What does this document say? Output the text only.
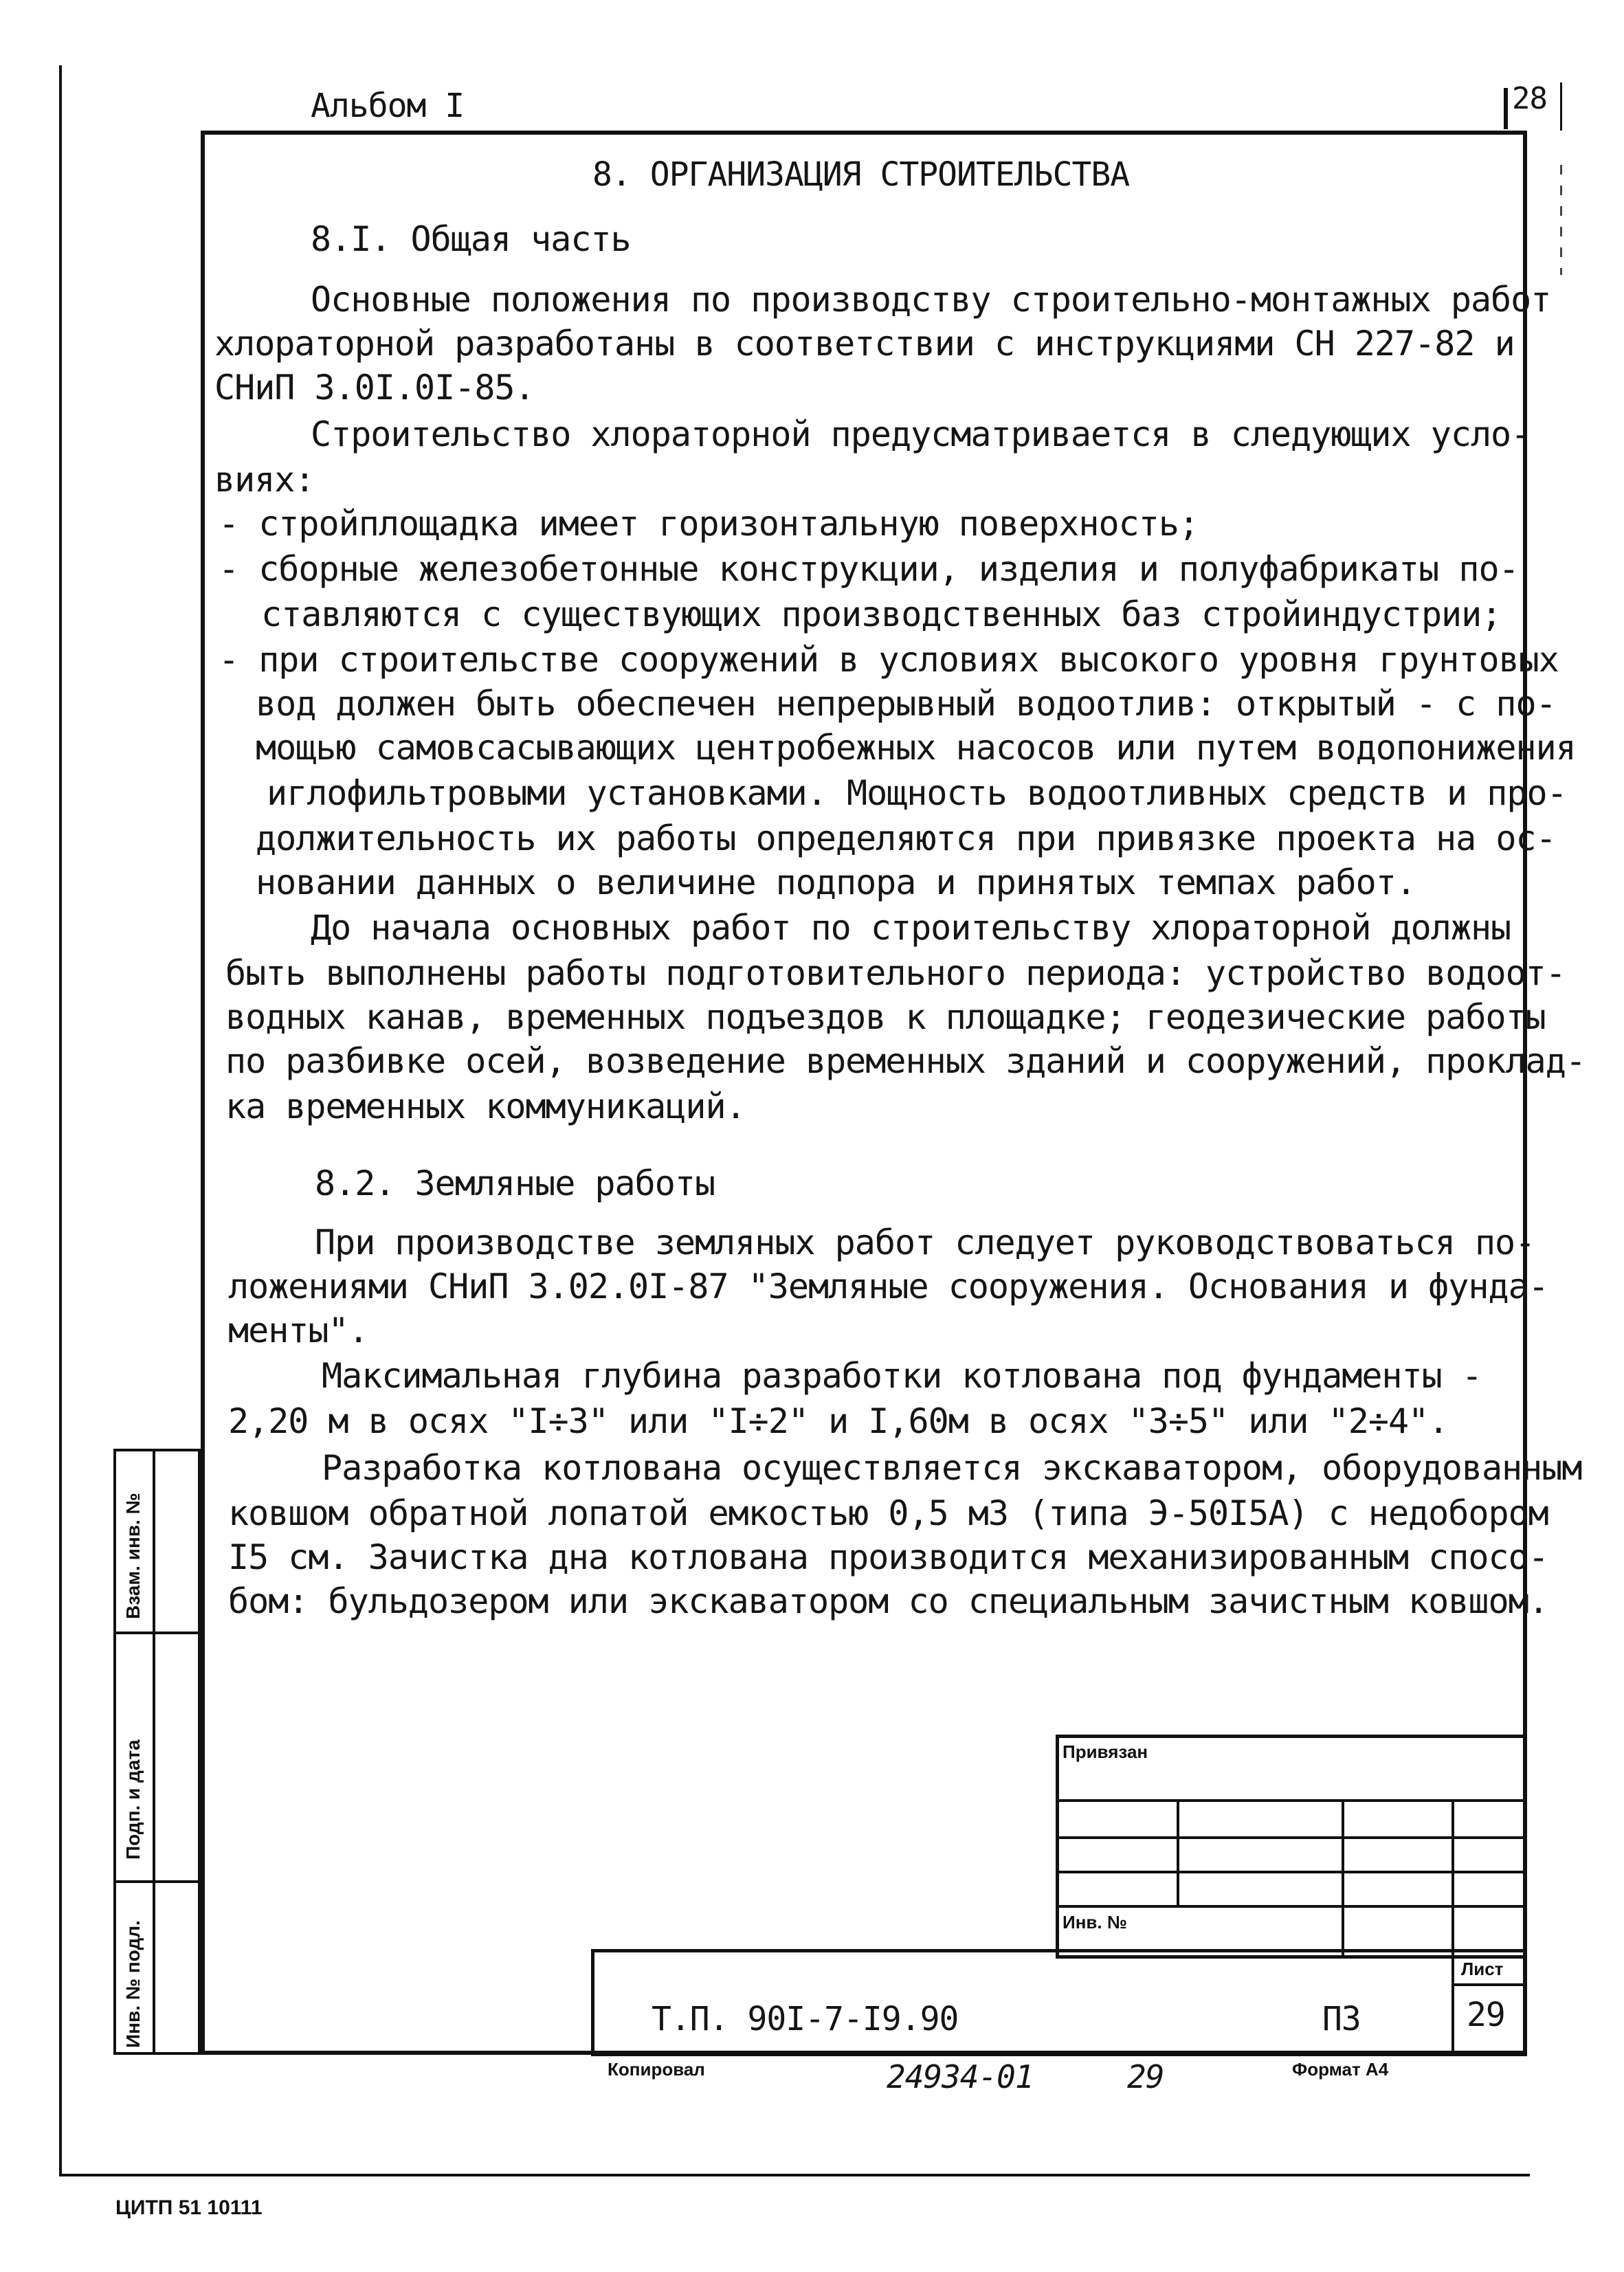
Альбом I	28
8. ОРГАНИЗАЦИЯ СТРОИТЕЛЬСТВА
8.I. Общая часть
Основные положения по производству строительно-монтажных работ
хлораторной разработаны в соответствии с инструкциями СН 227-82 и
СНиП 3.0I.0I-85.
Строительство хлораторной предусматривается в следующих усло-
виях:
- стройплощадка имеет горизонтальную поверхность;
- сборные железобетонные конструкции, изделия и полуфабрикаты по-
ставляются с существующих производственных баз стройиндустрии;
- при строительстве сооружений в условиях высокого уровня грунтовых
вод должен быть обеспечен непрерывный водоотлив: открытый - с по-
мощью самовсасывающих центробежных насосов или путем водопонижения
иглофильтровыми установками. Мощность водоотливных средств и про-
должительность их работы определяются при привязке проекта на ос-
новании данных о величине подпора и принятых темпах работ.
До начала основных работ по строительству хлораторной должны
быть выполнены работы подготовительного периода: устройство водоот-
водных канав, временных подъездов к площадке; геодезические работы
по разбивке осей, возведение временных зданий и сооружений, проклад-
ка временных коммуникаций.
8.2. Земляные работы
При производстве земляных работ следует руководствоваться по-
ложениями СНиП 3.02.0I-87 "Земляные сооружения. Основания и фунда-
менты".
Максимальная глубина разработки котлована под фундаменты -
2,20 м в осях "I÷3" или "I÷2" и I,60м в осях "3÷5" или "2÷4".
Разработка котлована осуществляется экскаватором, оборудованным
ковшом обратной лопатой емкостью 0,5 м3 (типа Э-50I5А) с недобором
I5 см. Зачистка дна котлована производится механизированным спосо-
бом: бульдозером или экскаватором со специальным зачистным ковшом.
Привязан
Инв. №
Лист
29
Т.П. 90I-7-I9.90	ПЗ
Взам. инв. №
Подп. и дата
Инв. № подл.
Копировал	24934-01	29	Формат А4
ЦИТП 51 10111
